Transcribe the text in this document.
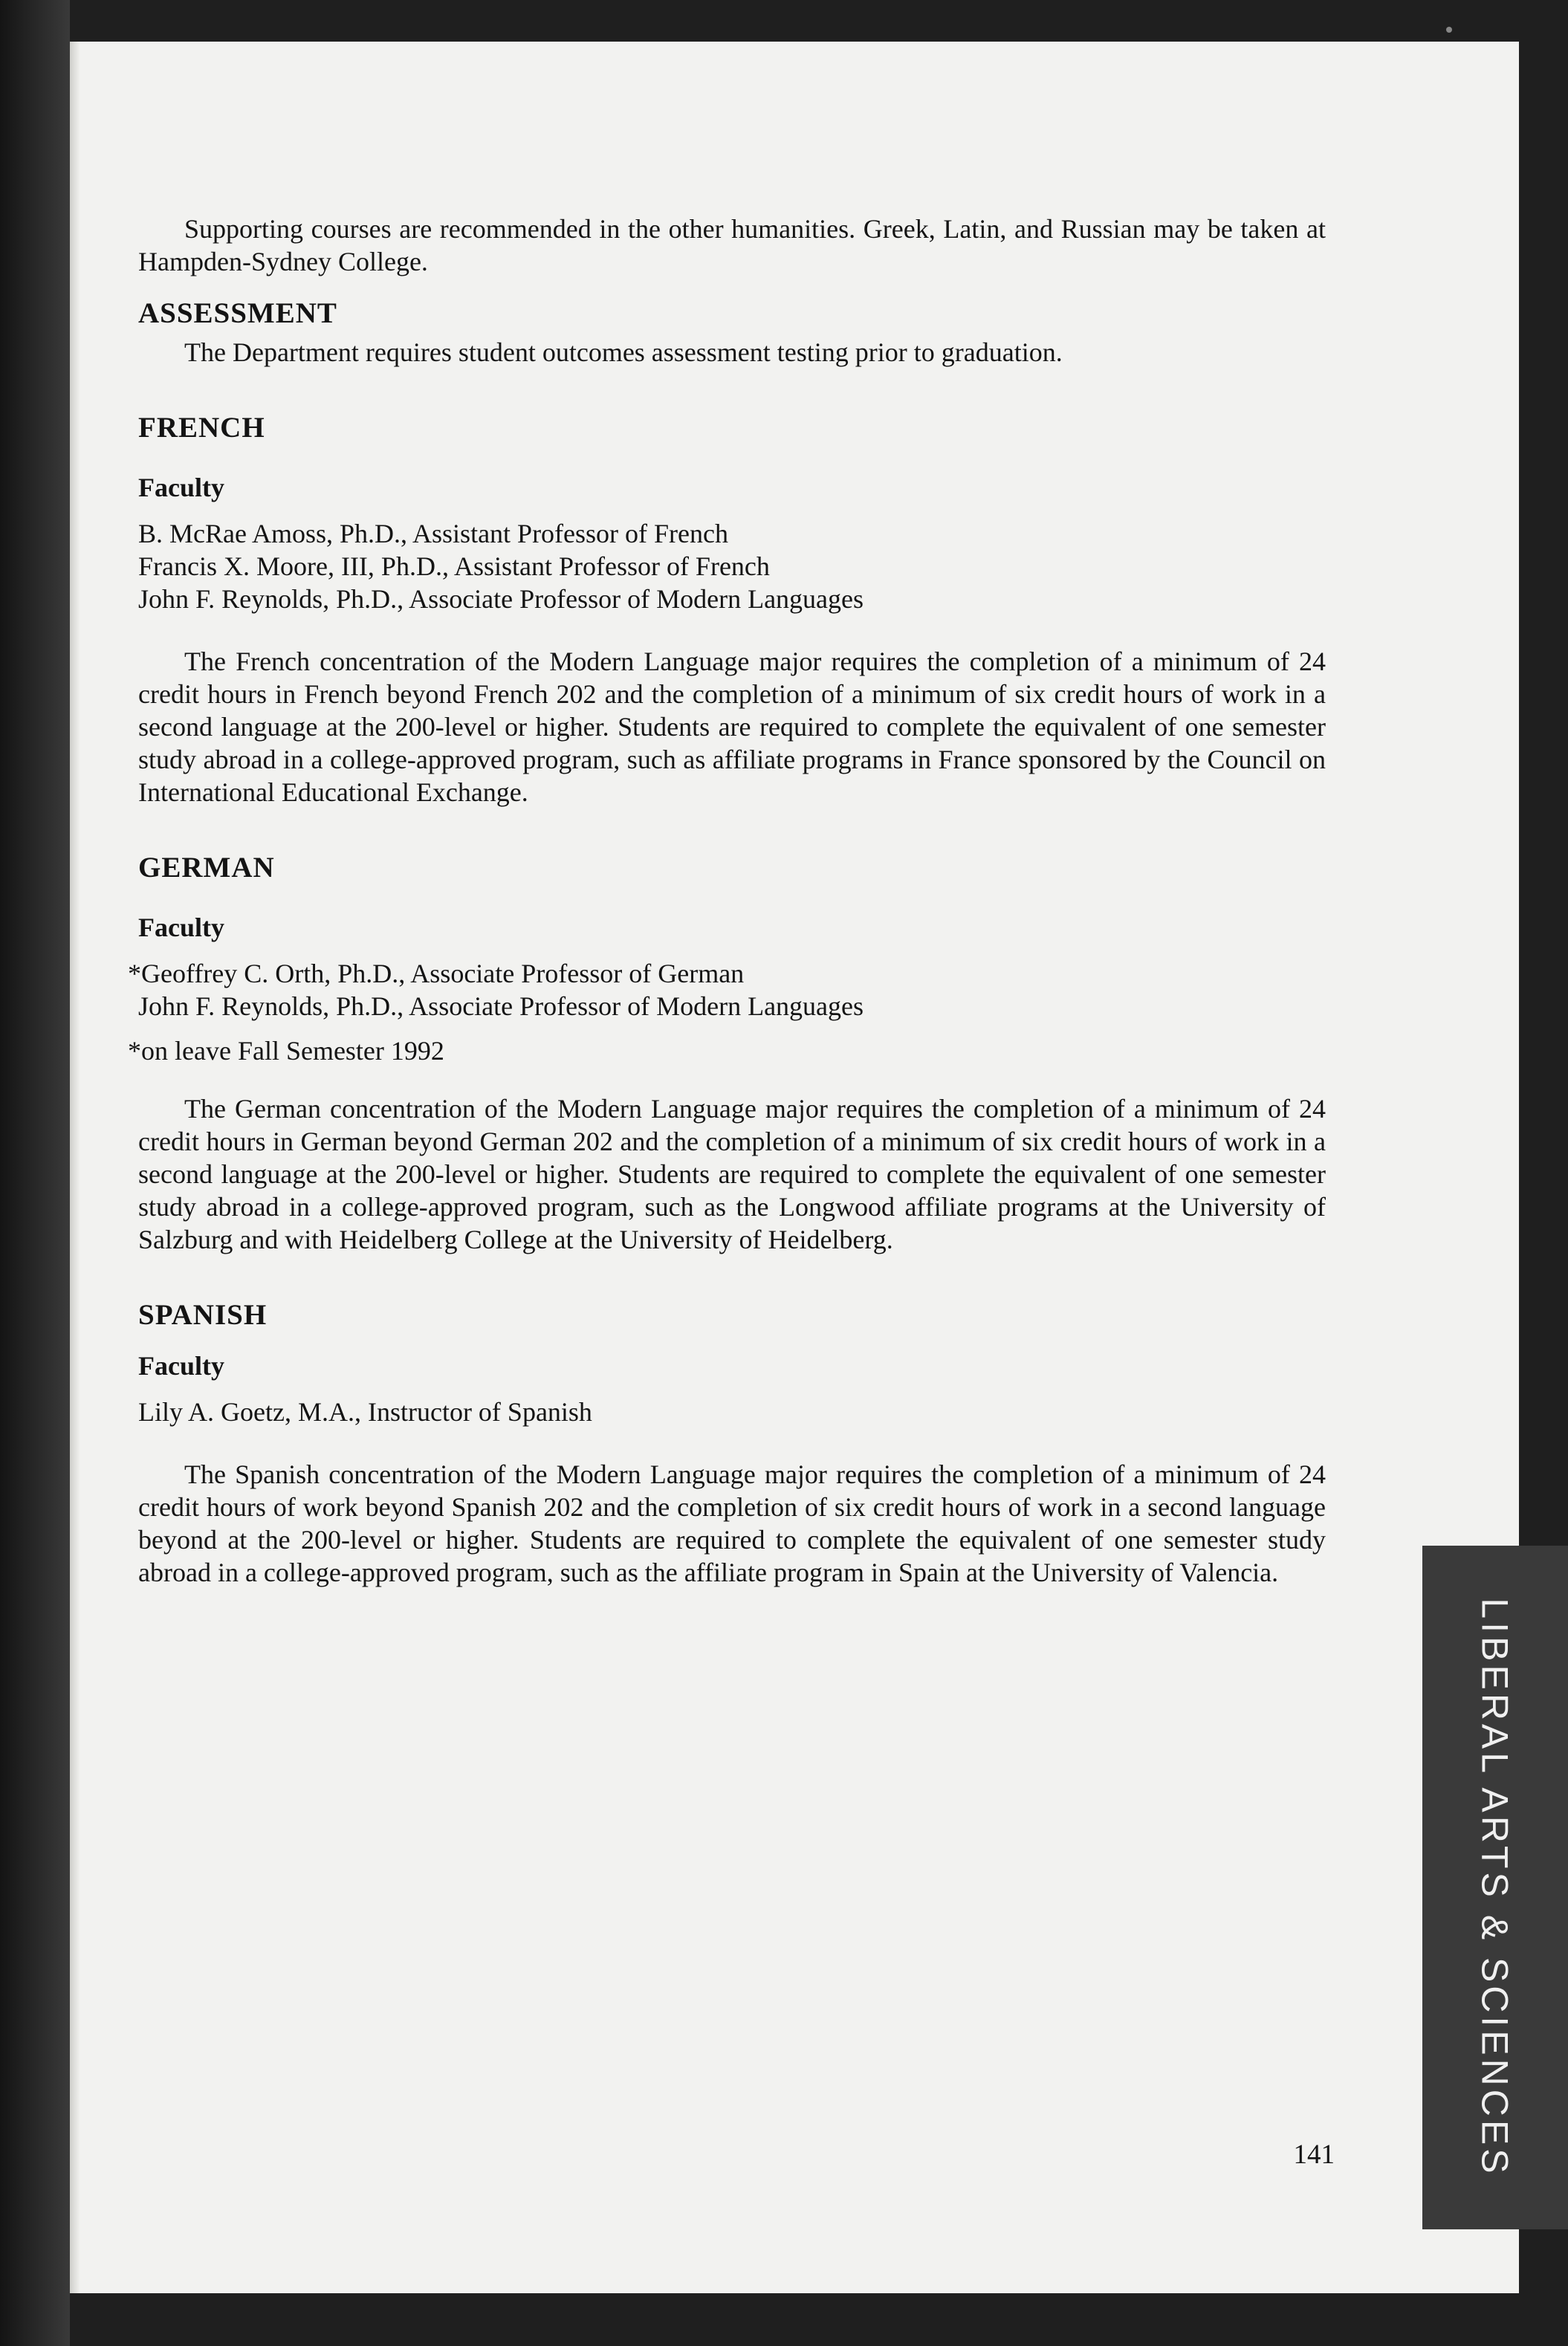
Supporting courses are recommended in the other humanities. Greek, Latin, and Russian may be taken at Hampden-Sydney College.

ASSESSMENT

The Department requires student outcomes assessment testing prior to graduation.

FRENCH
Faculty

B. McRae Amoss, Ph.D., Assistant Professor of French

Francis X. Moore, III, Ph.D., Assistant Professor of French

John F. Reynolds, Ph.D., Associate Professor of Modern Languages

The French concentration of the Modern Language major requires the completion of a minimum of 24 credit hours in French beyond French 202 and the completion of a minimum of six credit hours of work in a second language at the 200-level or higher. Students are required to complete the equivalent of one semester study abroad in a college-approved program, such as affiliate programs in France sponsored by the Council on International Educational Exchange.

GERMAN
Faculty

*Geoffrey C. Orth, Ph.D., Associate Professor of German

John F. Reynolds, Ph.D., Associate Professor of Modern Languages

*on leave Fall Semester 1992

The German concentration of the Modern Language major requires the completion of a minimum of 24 credit hours in German beyond German 202 and the completion of a minimum of six credit hours of work in a second language at the 200-level or higher. Students are required to complete the equivalent of one semester study abroad in a college-approved program, such as the Longwood affiliate programs at the University of Salzburg and with Heidelberg College at the University of Heidelberg.

SPANISH
Faculty

Lily A. Goetz, M.A., Instructor of Spanish

The Spanish concentration of the Modern Language major requires the completion of a minimum of 24 credit hours of work beyond Spanish 202 and the completion of six credit hours of work in a second language beyond at the 200-level or higher. Students are required to complete the equivalent of one semester study abroad in a college-approved program, such as the affiliate program in Spain at the University of Valencia.

LIBERAL ARTS & SCIENCES
141
